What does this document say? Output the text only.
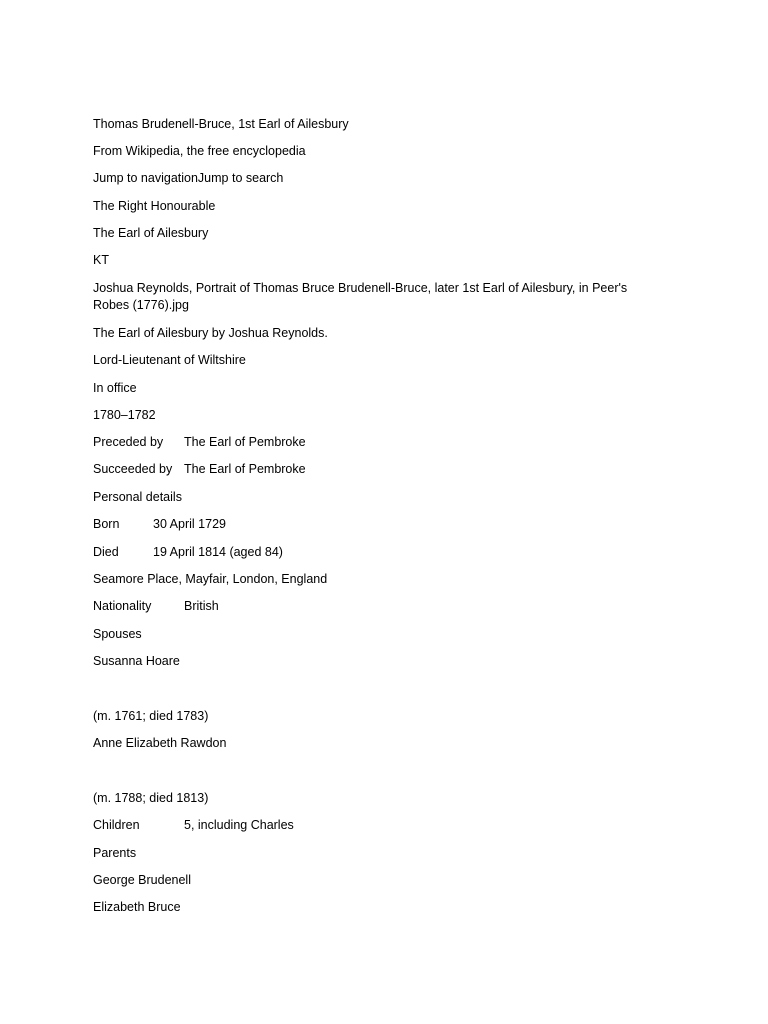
Thomas Brudenell-Bruce, 1st Earl of Ailesbury
From Wikipedia, the free encyclopedia
Jump to navigationJump to search
The Right Honourable
The Earl of Ailesbury
KT
Joshua Reynolds, Portrait of Thomas Bruce Brudenell-Bruce, later 1st Earl of Ailesbury, in Peer's Robes (1776).jpg
The Earl of Ailesbury by Joshua Reynolds.
Lord-Lieutenant of Wiltshire
In office
1780–1782
Preceded by The Earl of Pembroke
Succeeded by The Earl of Pembroke
Personal details
Born	30 April 1729
Died	19 April 1814 (aged 84)
Seamore Place, Mayfair, London, England
Nationality	British
Spouses
Susanna Hoare
(m. 1761; died 1783)
Anne Elizabeth Rawdon
(m. 1788; died 1813)
Children	5, including Charles
Parents
George Brudenell
Elizabeth Bruce
